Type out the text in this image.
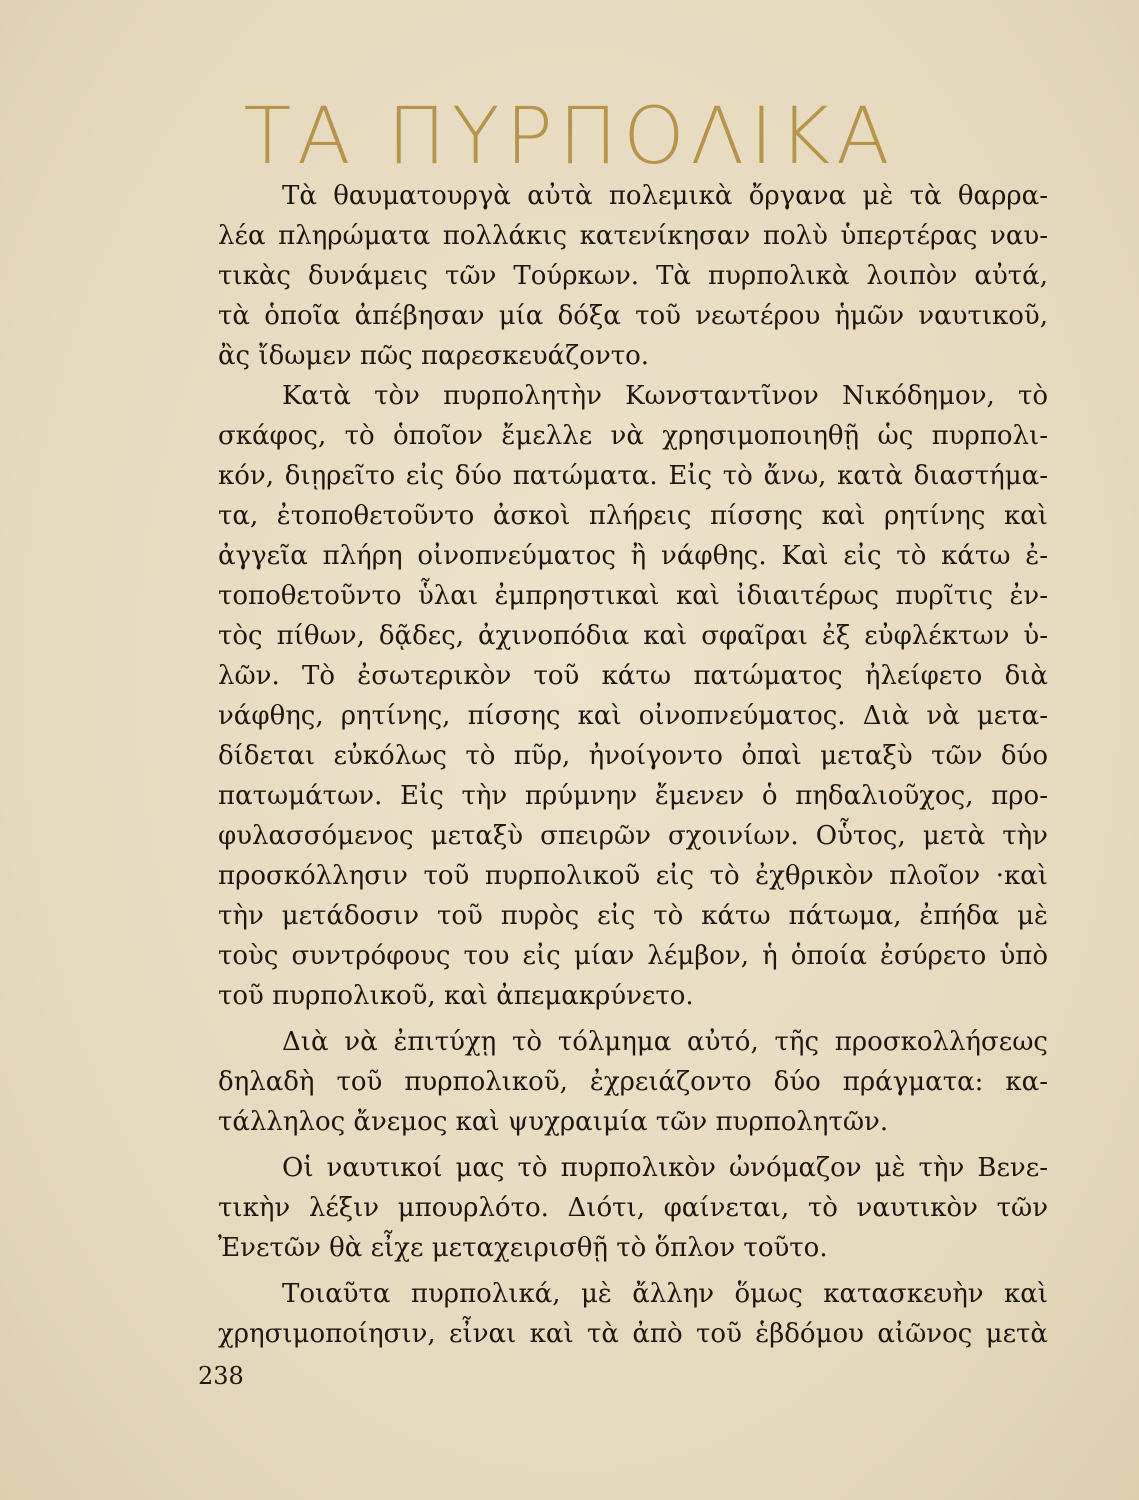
ΤΑ ΠΥΡΠΟΛΙΚΑ
Τὰ θαυματουργὰ αὐτὰ πολεμικὰ ὄργανα μὲ τὰ θαρρα-
λέα πληρώματα πολλάκις κατενίκησαν πολὺ ὑπερτέρας ναυ-
τικὰς δυνάμεις τῶν Τούρκων. Τὰ πυρπολικὰ λοιπὸν αὐτά,
τὰ ὁποῖα ἀπέβησαν μία δόξα τοῦ νεωτέρου ἡμῶν ναυτικοῦ,
ἂς ἴδωμεν πῶς παρεσκευάζοντο.
Κατὰ τὸν πυρπολητὴν Κωνσταντῖνον Νικόδημον, τὸ
σκάφος, τὸ ὁποῖον ἔμελλε νὰ χρησιμοποιηθῇ ὡς πυρπολι-
κόν, διῃρεῖτο εἰς δύο πατώματα. Εἰς τὸ ἄνω, κατὰ διαστήμα-
τα, ἐτοποθετοῦντο ἀσκοὶ πλήρεις πίσσης καὶ ρητίνης καὶ
ἀγγεῖα πλήρη οἰνοπνεύματος ἢ νάφθης. Καὶ εἰς τὸ κάτω ἐ-
τοποθετοῦντο ὗλαι ἐμπρηστικαὶ καὶ ἰδιαιτέρως πυρῖτις ἐν-
τὸς πίθων, δᾷδες, ἀχινοπόδια καὶ σφαῖραι ἐξ εὐφλέκτων ὑ-
λῶν. Τὸ ἐσωτερικὸν τοῦ κάτω πατώματος ἠλείφετο διὰ
νάφθης, ρητίνης, πίσσης καὶ οἰνοπνεύματος. Διὰ νὰ μετα-
δίδεται εὐκόλως τὸ πῦρ, ἠνοίγοντο ὀπαὶ μεταξὺ τῶν δύο
πατωμάτων. Εἰς τὴν πρύμνην ἔμενεν ὁ πηδαλιοῦχος, προ-
φυλασσόμενος μεταξὺ σπειρῶν σχοινίων. Οὗτος, μετὰ τὴν
προσκόλλησιν τοῦ πυρπολικοῦ εἰς τὸ ἐχθρικὸν πλοῖον ·καὶ
τὴν μετάδοσιν τοῦ πυρὸς εἰς τὸ κάτω πάτωμα, ἐπήδα μὲ
τοὺς συντρόφους του εἰς μίαν λέμβον, ἡ ὁποία ἐσύρετο ὑπὸ
τοῦ πυρπολικοῦ, καὶ ἀπεμακρύνετο.
Διὰ νὰ ἐπιτύχῃ τὸ τόλμημα αὐτό, τῆς προσκολλήσεως
δηλαδὴ τοῦ πυρπολικοῦ, ἐχρειάζοντο δύο πράγματα: κα-
τάλληλος ἄνεμος καὶ ψυχραιμία τῶν πυρπολητῶν.
Οἱ ναυτικοί μας τὸ πυρπολικὸν ὠνόμαζον μὲ τὴν Βενε-
τικὴν λέξιν μπουρλότο. Διότι, φαίνεται, τὸ ναυτικὸν τῶν
Ἐνετῶν θὰ εἶχε μεταχειρισθῇ τὸ ὅπλον τοῦτο.
Τοιαῦτα πυρπολικά, μὲ ἄλλην ὅμως κατασκευὴν καὶ
χρησιμοποίησιν, εἶναι καὶ τὰ ἀπὸ τοῦ ἑβδόμου αἰῶνος μετὰ
238
